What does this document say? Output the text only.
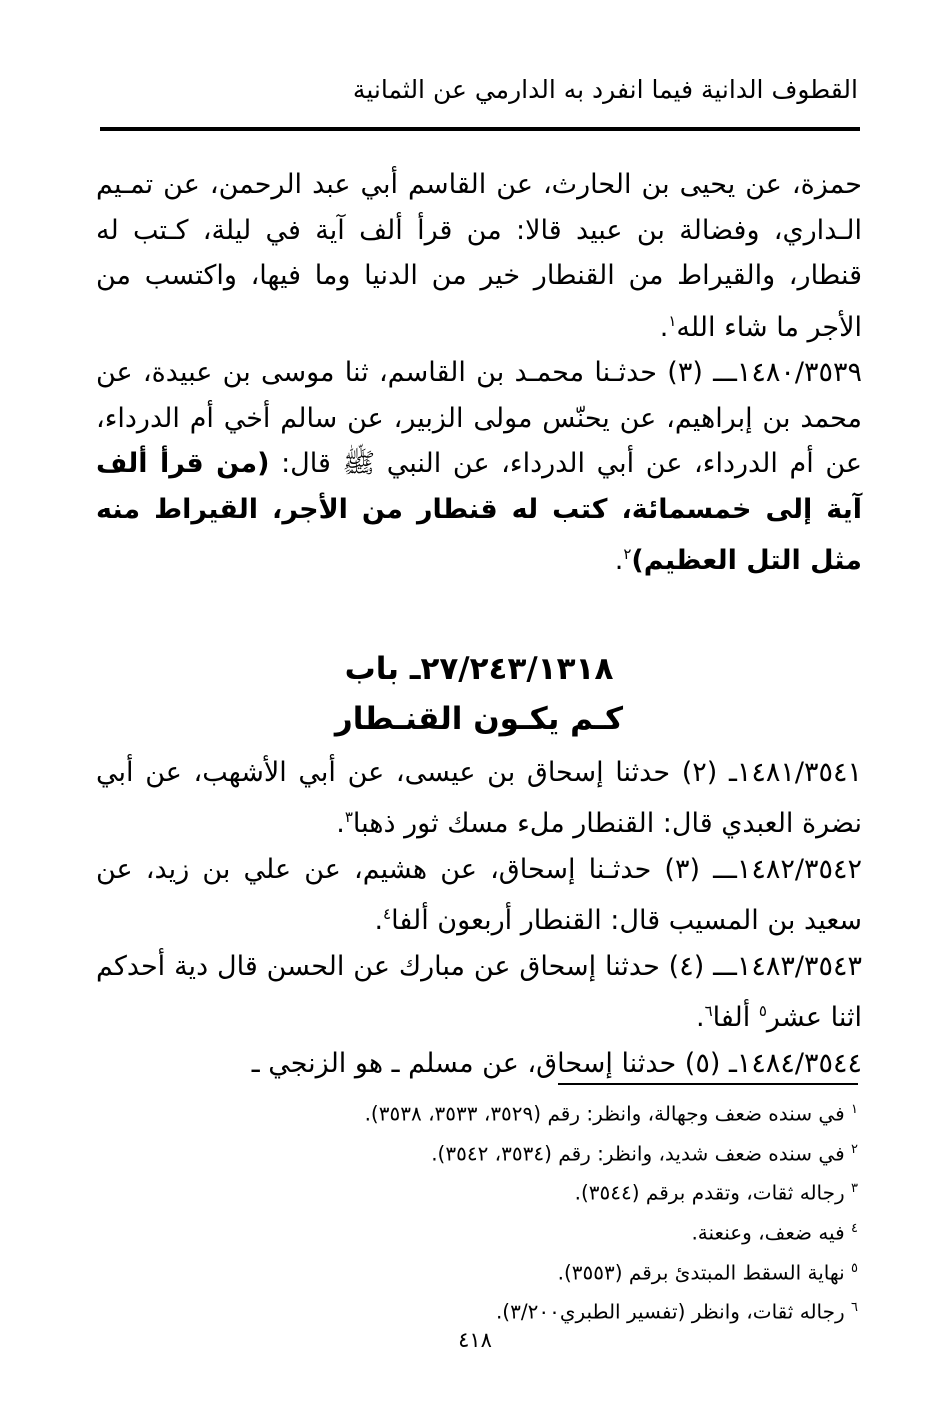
القطوف الدانية فيما انفرد به الدارمي عن الثمانية

حمزة، عن يحيى بن الحارث، عن القاسم أبي عبد الرحمن، عن تمـيم الـداري، وفضالة بن عبيد قالا: من قرأ ألف آية في ليلة، كـتب له قنطار، والقيراط من القنطار خير من الدنيا وما فيها، واكتسب من الأجر ما شاء الله$^١$.

١٤٨٠/٣٥٣٩ـــ (٣) حدثـنا محمـد بن القاسم، ثنا موسى بن عبيدة، عن محمد بن إبراهيم، عن يحنّس مولى الزبير، عن سالم أخي أم الدرداء، عن أم الدرداء، عن أبي الدرداء، عن النبي ﷺ قال: (من قرأ ألف آية إلى خمسمائة، كتب له قنطار من الأجر، القيراط منه مثل التل العظيم)$^٢$.

٢٧/٢٤٣/١٣١٨ـ باب
كـم يكـون القنـطار

١٤٨١/٣٥٤١ـ (٢) حدثنا إسحاق بن عيسى، عن أبي الأشهب، عن أبي نضرة العبدي قال: القنطار ملء مسك ثور ذهبا$^٣$.

١٤٨٢/٣٥٤٢ـــ (٣) حدثـنا إسحاق، عن هشيم، عن علي بن زيد، عن سعيد بن المسيب قال: القنطار أربعون ألفا$^٤$.

١٤٨٣/٣٥٤٣ـــ (٤) حدثنا إسحاق عن مبارك عن الحسن قال دية أحدكم اثنا عشر$^٥$ ألفا$^٦$.

١٤٨٤/٣٥٤٤ـ (٥) حدثنا إسحاق، عن مسلم ـ هو الزنجي ـ

$^١$ في سنده ضعف وجهالة، وانظر: رقم (٣٥٢٩، ٣٥٣٣، ٣٥٣٨).
$^٢$ في سنده ضعف شديد، وانظر: رقم (٣٥٣٤، ٣٥٤٢).
$^٣$ رجاله ثقات، وتقدم برقم (٣٥٤٤).
$^٤$ فيه ضعف، وعنعنة.
$^٥$ نهاية السقط المبتدئ برقم (٣٥٥٣).
$^٦$ رجاله ثقات، وانظر (تفسير الطبري٣/٢٠٠).
٤١٨
